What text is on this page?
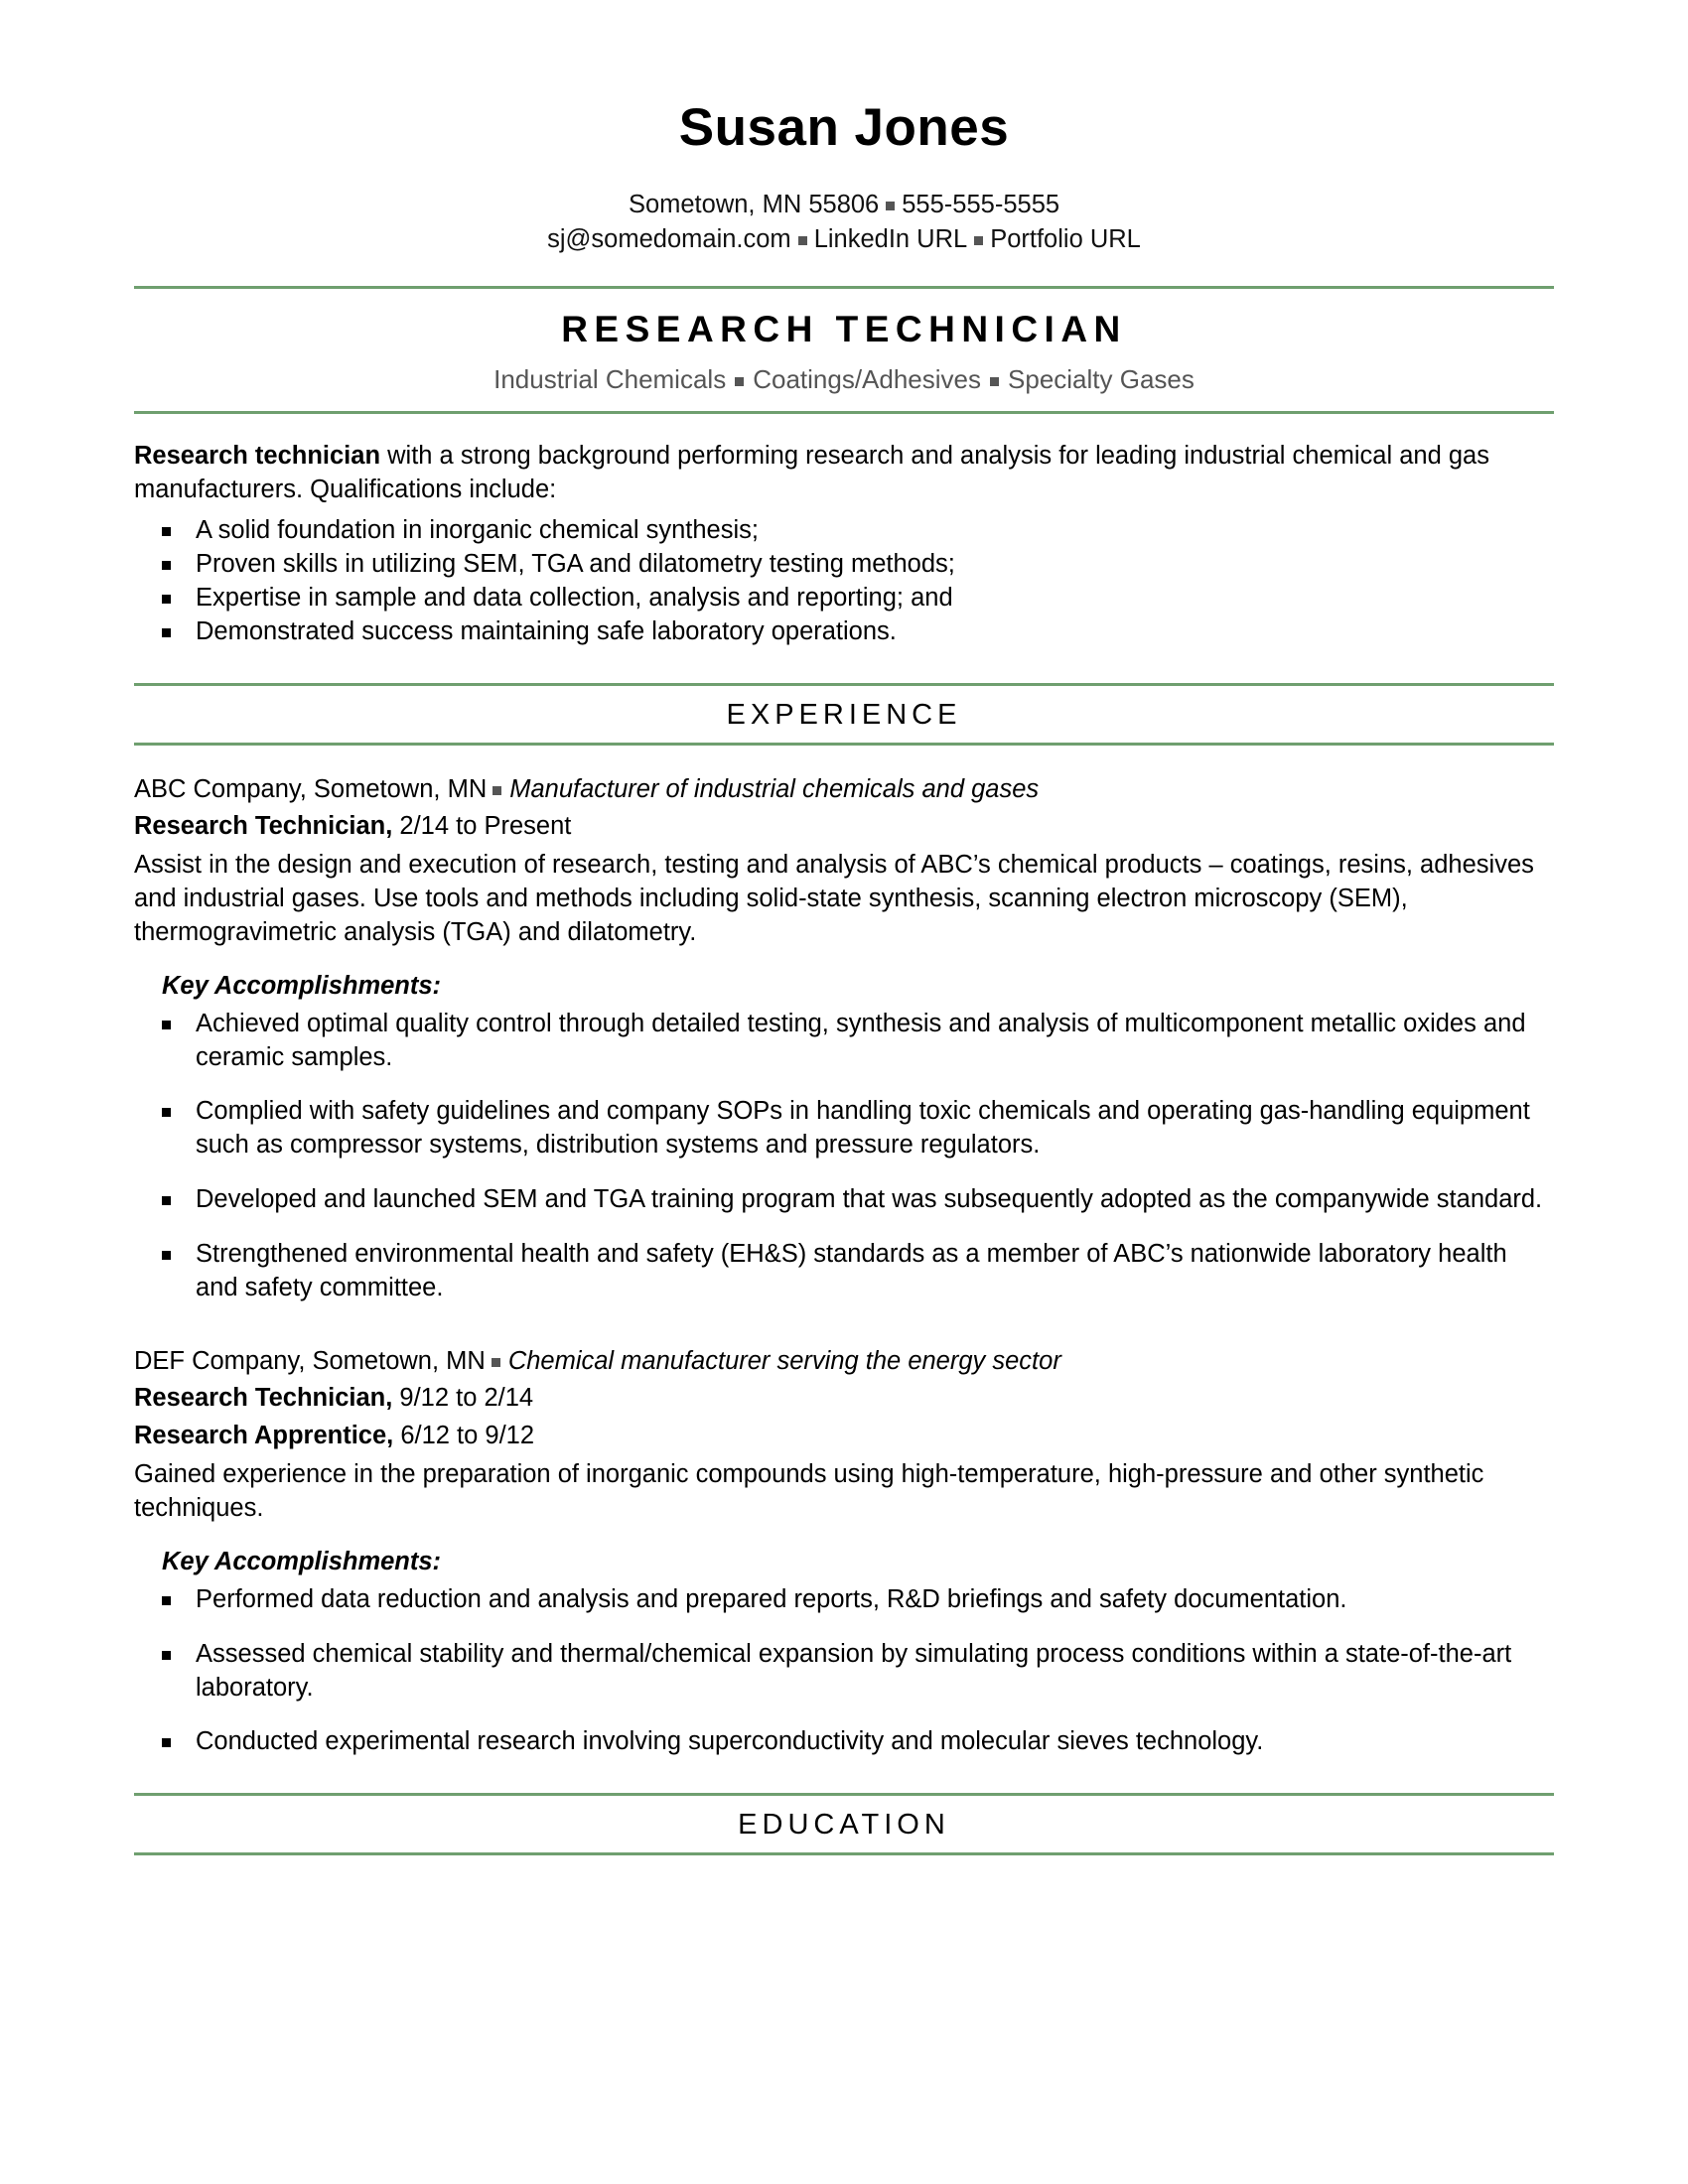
Susan Jones
Sometown, MN 55806 555-555-5555
sj@somedomain.com LinkedIn URL Portfolio URL
RESEARCH TECHNICIAN
Industrial Chemicals Coatings/Adhesives Specialty Gases
Research technician with a strong background performing research and analysis for leading industrial chemical and gas manufacturers. Qualifications include:
A solid foundation in inorganic chemical synthesis;
Proven skills in utilizing SEM, TGA and dilatometry testing methods;
Expertise in sample and data collection, analysis and reporting; and
Demonstrated success maintaining safe laboratory operations.
EXPERIENCE
ABC Company, Sometown, MN Manufacturer of industrial chemicals and gases
Research Technician, 2/14 to Present
Assist in the design and execution of research, testing and analysis of ABC’s chemical products – coatings, resins, adhesives and industrial gases. Use tools and methods including solid-state synthesis, scanning electron microscopy (SEM), thermogravimetric analysis (TGA) and dilatometry.
Key Accomplishments:
Achieved optimal quality control through detailed testing, synthesis and analysis of multicomponent metallic oxides and ceramic samples.
Complied with safety guidelines and company SOPs in handling toxic chemicals and operating gas-handling equipment such as compressor systems, distribution systems and pressure regulators.
Developed and launched SEM and TGA training program that was subsequently adopted as the companywide standard.
Strengthened environmental health and safety (EH&S) standards as a member of ABC’s nationwide laboratory health and safety committee.
DEF Company, Sometown, MN Chemical manufacturer serving the energy sector
Research Technician, 9/12 to 2/14
Research Apprentice, 6/12 to 9/12
Gained experience in the preparation of inorganic compounds using high-temperature, high-pressure and other synthetic techniques.
Key Accomplishments:
Performed data reduction and analysis and prepared reports, R&D briefings and safety documentation.
Assessed chemical stability and thermal/chemical expansion by simulating process conditions within a state-of-the-art laboratory.
Conducted experimental research involving superconductivity and molecular sieves technology.
EDUCATION
